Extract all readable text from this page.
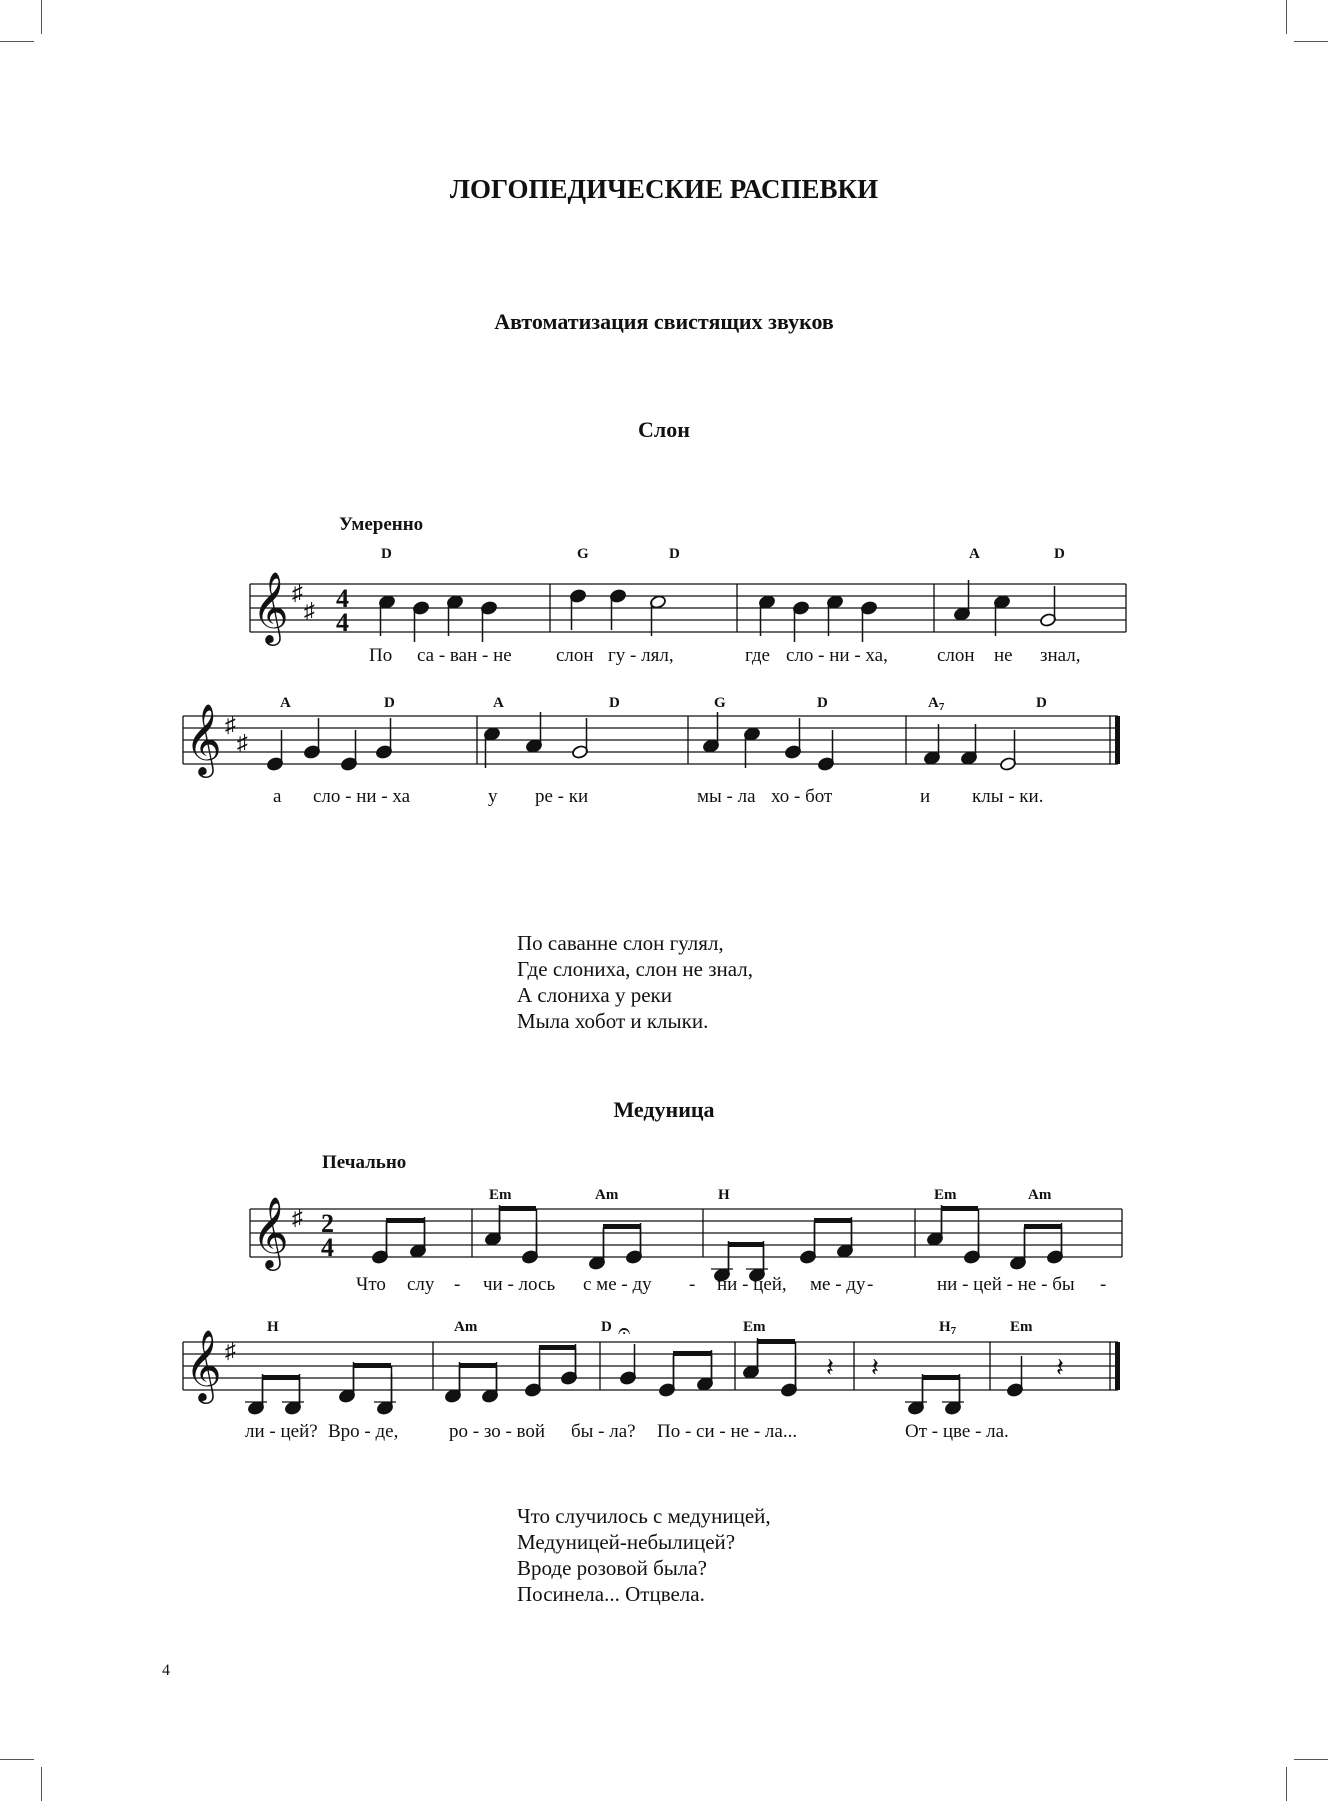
ЛОГОПЕДИЧЕСКИЕ РАСПЕВКИ
Автоматизация свистящих звуков
Слон
Умеренно
𝄞 ♯
♯ 4
4
D	G	D	A	D
По са - ван - не слон гу - лял,	где сло - ни - ха,	слон не знал,
𝄞 ♯
♯
A	D	A	D	G	D	$A_7$	D
а сло - ни - ха	у ре - ки	мы - ла хо - бот	и клы - ки.
По саванне слон гулял,
Где слониха, слон не знал,
А слониха у реки
Мыла хобот и клыки.
Медуница
Печально
𝄞 ♯ 2
4
Em	Am	H	Em	Am
Что слу - чи - лось с ме - ду - ни - цей, ме - ду -	ни - цей - не - бы -
𝄞 ♯
𝄐
𝄽 𝄽	𝄽
H	Am	D	Em	$H_7$	Em
ли - цей? Вро - де,	ро - зо - вой бы - ла? По - си - не - ла...	От - цве - ла.
Что случилось с медуницей,
Медуницей-небылицей?
Вроде розовой была?
Посинела... Отцвела.
4
